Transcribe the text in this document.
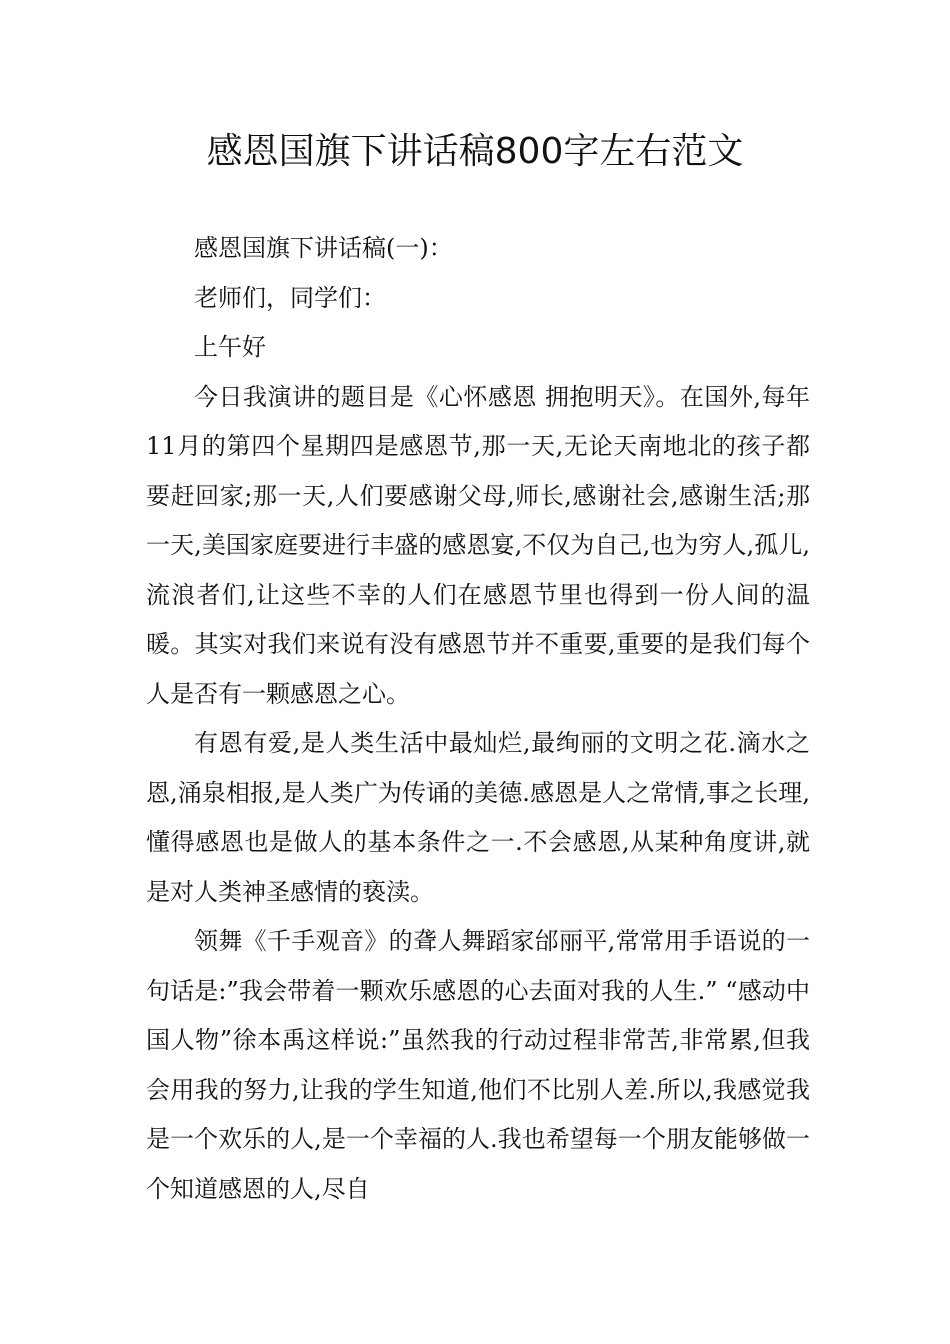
感恩国旗下讲话稿800字左右范文

感恩国旗下讲话稿(一)：

老师们，同学们：

上午好

今日我演讲的题目是《心怀感恩 拥抱明天》。在国外,每年11月的第四个星期四是感恩节,那一天,无论天南地北的孩子都要赶回家;那一天,人们要感谢父母,师长,感谢社会,感谢生活;那一天,美国家庭要进行丰盛的感恩宴,不仅为自己,也为穷人,孤儿,流浪者们,让这些不幸的人们在感恩节里也得到一份人间的温暖。其实对我们来说有没有感恩节并不重要,重要的是我们每个人是否有一颗感恩之心。

有恩有爱,是人类生活中最灿烂,最绚丽的文明之花.滴水之恩,涌泉相报,是人类广为传诵的美德.感恩是人之常情,事之长理,懂得感恩也是做人的基本条件之一.不会感恩,从某种角度讲,就是对人类神圣感情的亵渎。

领舞《千手观音》的聋人舞蹈家邰丽平,常常用手语说的一句话是:”我会带着一颗欢乐感恩的心去面对我的人生.” “感动中国人物”徐本禹这样说:”虽然我的行动过程非常苦,非常累,但我会用我的努力,让我的学生知道,他们不比别人差.所以,我感觉我是一个欢乐的人,是一个幸福的人.我也希望每一个朋友能够做一个知道感恩的人,尽自
